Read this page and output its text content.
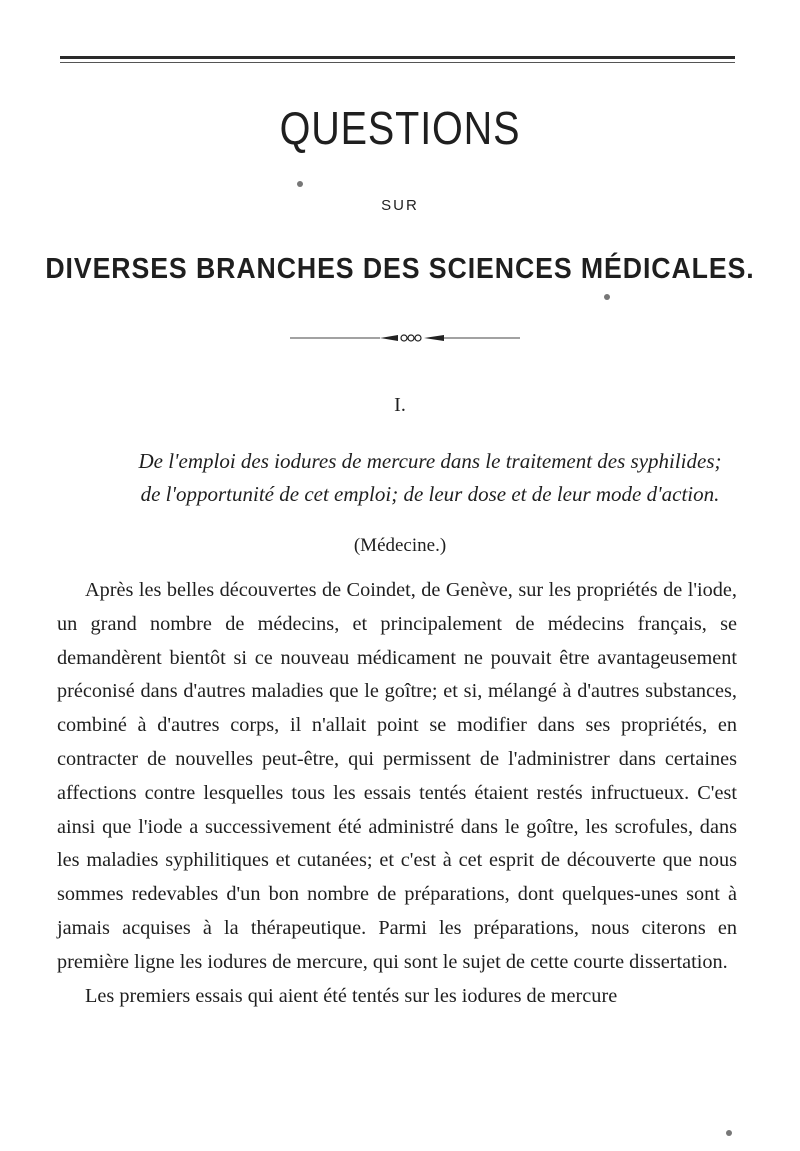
QUESTIONS
SUR
DIVERSES BRANCHES DES SCIENCES MÉDICALES.
I.
De l'emploi des iodures de mercure dans le traitement des syphilides;
de l'opportunité de cet emploi; de leur dose et de leur mode d'action.
(Médecine.)

Après les belles découvertes de Coindet, de Genève, sur les propriétés de l'iode, un grand nombre de médecins, et principalement de médecins français, se demandèrent bientôt si ce nouveau médicament ne pouvait être avantageusement préconisé dans d'autres maladies que le goître; et si, mélangé à d'autres substances, combiné à d'autres corps, il n'allait point se modifier dans ses propriétés, en contracter de nouvelles peut-être, qui permissent de l'administrer dans certaines affections contre lesquelles tous les essais tentés étaient restés infructueux. C'est ainsi que l'iode a successivement été administré dans le goître, les scrofules, dans les maladies syphilitiques et cutanées; et c'est à cet esprit de découverte que nous sommes redevables d'un bon nombre de préparations, dont quelques-unes sont à jamais acquises à la thérapeutique. Parmi les préparations, nous citerons en première ligne les iodures de mercure, qui sont le sujet de cette courte dissertation.

Les premiers essais qui aient été tentés sur les iodures de mercure
